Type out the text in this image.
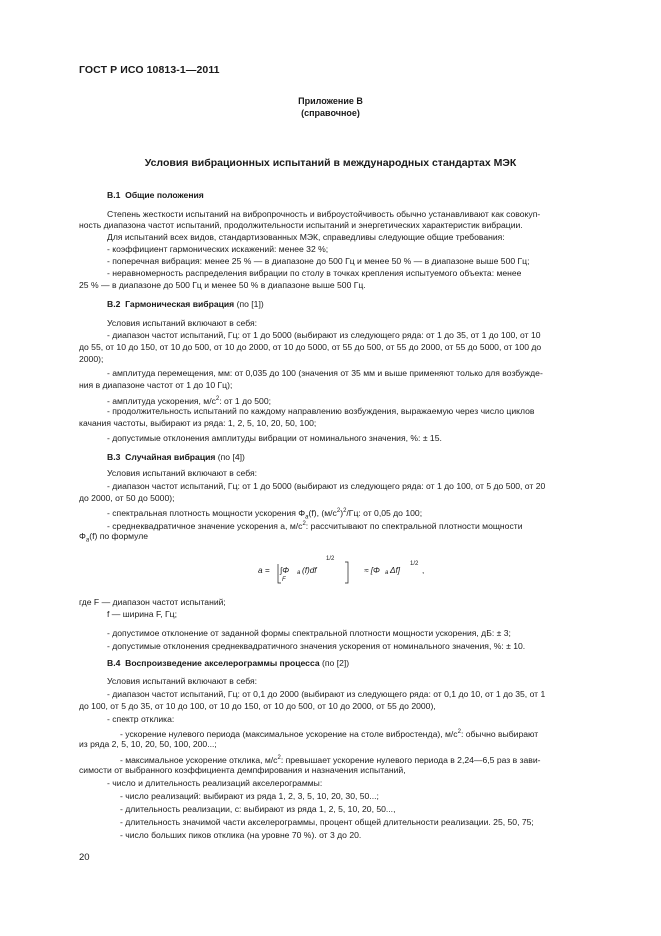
ГОСТ Р ИСО 10813-1—2011
Приложение В
(справочное)
Условия вибрационных испытаний в международных стандартах МЭК
В.1 Общие положения
Степень жесткости испытаний на вибропрочность и виброустойчивость обычно устанавливают как совокуп-
ность диапазона частот испытаний, продолжительности испытаний и энергетических характеристик вибрации.
Для испытаний всех видов, стандартизованных МЭК, справедливы следующие общие требования:
- коэффициент гармонических искажений: менее 32 %;
- поперечная вибрация: менее 25 % — в диапазоне до 500 Гц и менее 50 % — в диапазоне выше 500 Гц;
- неравномерность распределения вибрации по столу в точках крепления испытуемого объекта: менее
25 % — в диапазоне до 500 Гц и менее 50 % в диапазоне выше 500 Гц.
В.2 Гармоническая вибрация (по [1])
Условия испытаний включают в себя:
- диапазон частот испытаний, Гц: от 1 до 5000 (выбирают из следующего ряда: от 1 до 35, от 1 до 100, от 10
до 55, от 10 до 150, от 10 до 500, от 10 до 2000, от 10 до 5000, от 55 до 500, от 55 до 2000, от 55 до 5000, от 100 до
2000);
- амплитуда перемещения, мм: от 0,035 до 100 (значения от 35 мм и выше применяют только для возбужде-
ния в диапазоне частот от 1 до 10 Гц);
- амплитуда ускорения, $м/с^2$: от 1 до 500;
- продолжительность испытаний по каждому направлению возбуждения, выражаемую через число циклов
качания частоты, выбирают из ряда: 1, 2, 5, 10, 20, 50, 100;
- допустимые отклонения амплитуды вибрации от номинального значения, %: ± 15.
В.3 Случайная вибрация (по [4])
Условия испытаний включают в себя:
- диапазон частот испытаний, Гц: от 1 до 5000 (выбирают из следующего ряда: от 1 до 100, от 5 до 500, от 20
до 2000, от 50 до 5000);
- спектральная плотность мощности ускорения $\Phi_a(f)$, $(м/с^2)^2/Гц$: от 0,05 до 100;
- среднеквадратичное значение ускорения a, $м/с^2$: рассчитывают по спектральной плотности мощности
$\Phi_a(f)$ по формуле
a = ∫Φ a (f)df
1/2
F
≈ [Φ a Δf]
1/2
,
где F — диапазон частот испытаний;
f — ширина F, Гц;
- допустимое отклонение от заданной формы спектральной плотности мощности ускорения, дБ: ± 3;
- допустимые отклонения среднеквадратичного значения ускорения от номинального значения, %: ± 10.
В.4 Воспроизведение акселерограммы процесса (по [2])
Условия испытаний включают в себя:
- диапазон частот испытаний, Гц: от 0,1 до 2000 (выбирают из следующего ряда: от 0,1 до 10, от 1 до 35, от 1
до 100, от 5 до 35, от 10 до 100, от 10 до 150, от 10 до 500, от 10 до 2000, от 55 до 2000),
- спектр отклика:
- ускорение нулевого периода (максимальное ускорение на столе вибростенда), $м/с^2$: обычно выбирают
из ряда 2, 5, 10, 20, 50, 100, 200...;
- максимальное ускорение отклика, $м/с^2$: превышает ускорение нулевого периода в 2,24—6,5 раз в зави-
симости от выбранного коэффициента демпфирования и назначения испытаний,
- число и длительность реализаций акселерограммы:
- число реализаций: выбирают из ряда 1, 2, 3, 5, 10, 20, 30, 50...;
- длительность реализации, с: выбирают из ряда 1, 2, 5, 10, 20, 50...,
- длительность значимой части акселерограммы, процент общей длительности реализации. 25, 50, 75;
- число больших пиков отклика (на уровне 70 %). от 3 до 20.
20
